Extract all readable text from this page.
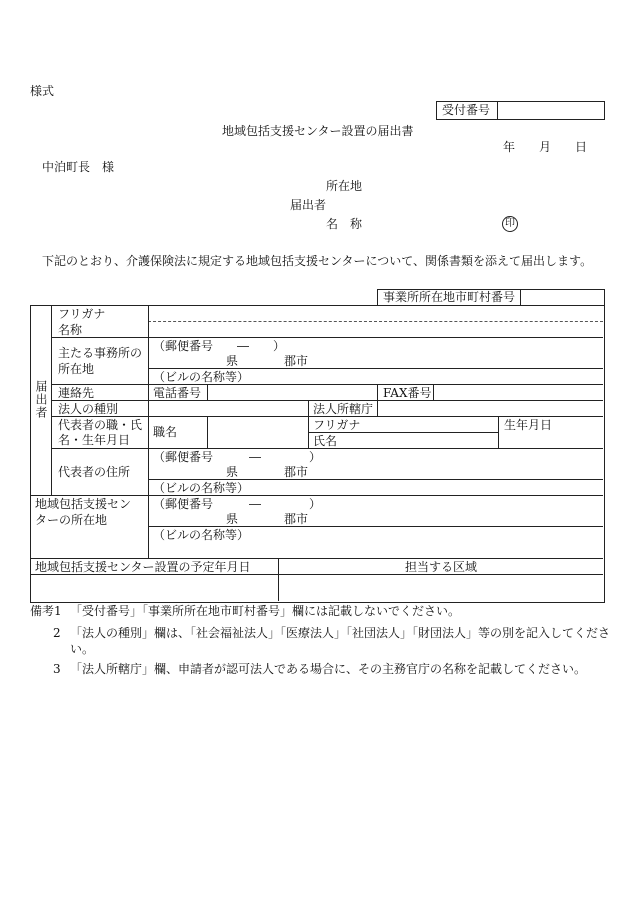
様式
受付番号
地域包括支援センター設置の届出書
年 月 日
中泊町長　様
所在地
届出者
名　称	印
下記のとおり、介護保険法に規定する地域包括支援センターについて、関係書類を添えて届出します。
事業所所在地市町村番号
届出者
フリガナ
名称
主たる事務所の
所在地
（郵便番号　　―　　）
県	郡市
（ビルの名称等）
連絡先	電話番号	FAX番号
法人の種別	法人所轄庁
代表者の職・氏
名・生年月日
職名	フリガナ
氏名
生年月日
代表者の住所
（郵便番号　　　―　　　　）
県	郡市
（ビルの名称等）
地域包括支援セン
ターの所在地
（郵便番号　　　―　　　　）
県	郡市
（ビルの名称等）
地域包括支援センター設置の予定年月日	担当する区域
備考1 「受付番号」「事業所所在地市町村番号」欄には記載しないでください。
2 「法人の種別」欄は、「社会福祉法人」「医療法人」「社団法人」「財団法人」等の別を記入してくださ
い。
3 「法人所轄庁」欄、申請者が認可法人である場合に、その主務官庁の名称を記載してください。
